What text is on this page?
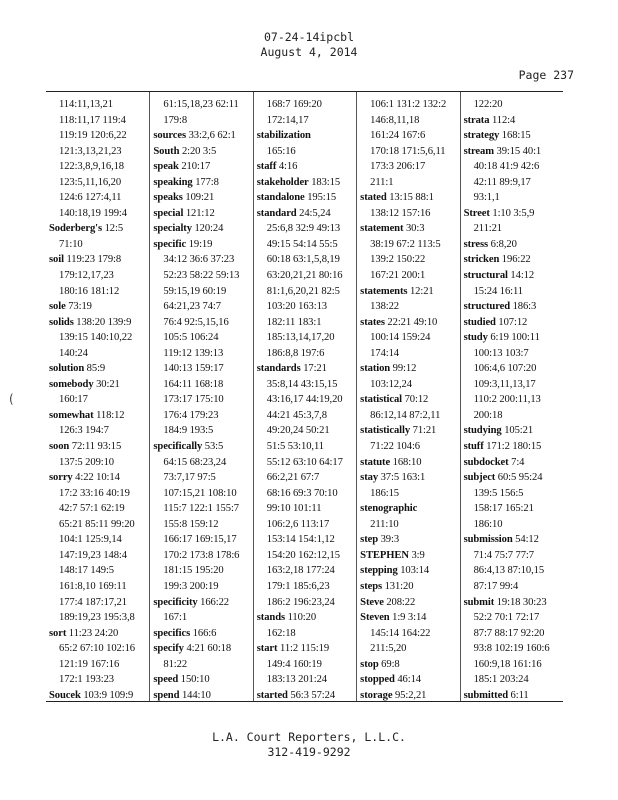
07-24-14ipcbl
August 4, 2014
Page 237
(
114:11,13,21
118:11,17 119:4
119:19 120:6,22
121:3,13,21,23
122:3,8,9,16,18
123:5,11,16,20
124:6 127:4,11
140:18,19 199:4
Soderberg's 12:5
71:10
soil 119:23 179:8
179:12,17,23
180:16 181:12
sole 73:19
solids 138:20 139:9
139:15 140:10,22
140:24
solution 85:9
somebody 30:21
160:17
somewhat 118:12
126:3 194:7
soon 72:11 93:15
137:5 209:10
sorry 4:22 10:14
17:2 33:16 40:19
42:7 57:1 62:19
65:21 85:11 99:20
104:1 125:9,14
147:19,23 148:4
148:17 149:5
161:8,10 169:11
177:4 187:17,21
189:19,23 195:3,8
sort 11:23 24:20
65:2 67:10 102:16
121:19 167:16
172:1 193:23
Soucek 103:9 109:9
61:15,18,23 62:11
179:8
sources 33:2,6 62:1
South 2:20 3:5
speak 210:17
speaking 177:8
speaks 109:21
special 121:12
specialty 120:24
specific 19:19
34:12 36:6 37:23
52:23 58:22 59:13
59:15,19 60:19
64:21,23 74:7
76:4 92:5,15,16
105:5 106:24
119:12 139:13
140:13 159:17
164:11 168:18
173:17 175:10
176:4 179:23
184:9 193:5
specifically 53:5
64:15 68:23,24
73:7,17 97:5
107:15,21 108:10
115:7 122:1 155:7
155:8 159:12
166:17 169:15,17
170:2 173:8 178:6
181:15 195:20
199:3 200:19
specificity 166:22
167:1
specifics 166:6
specify 4:21 60:18
81:22
speed 150:10
spend 144:10
168:7 169:20
172:14,17
stabilization
165:16
staff 4:16
stakeholder 183:15
standalone 195:15
standard 24:5,24
25:6,8 32:9 49:13
49:15 54:14 55:5
60:18 63:1,5,8,19
63:20,21,21 80:16
81:1,6,20,21 82:5
103:20 163:13
182:11 183:1
185:13,14,17,20
186:8,8 197:6
standards 17:21
35:8,14 43:15,15
43:16,17 44:19,20
44:21 45:3,7,8
49:20,24 50:21
51:5 53:10,11
55:12 63:10 64:17
66:2,21 67:7
68:16 69:3 70:10
99:10 101:11
106:2,6 113:17
153:14 154:1,12
154:20 162:12,15
163:2,18 177:24
179:1 185:6,23
186:2 196:23,24
stands 110:20
162:18
start 11:2 115:19
149:4 160:19
183:13 201:24
started 56:3 57:24
106:1 131:2 132:2
146:8,11,18
161:24 167:6
170:18 171:5,6,11
173:3 206:17
211:1
stated 13:15 88:1
138:12 157:16
statement 30:3
38:19 67:2 113:5
139:2 150:22
167:21 200:1
statements 12:21
138:22
states 22:21 49:10
100:14 159:24
174:14
station 99:12
103:12,24
statistical 70:12
86:12,14 87:2,11
statistically 71:21
71:22 104:6
statute 168:10
stay 37:5 163:1
186:15
stenographic
211:10
step 39:3
STEPHEN 3:9
stepping 103:14
steps 131:20
Steve 208:22
Steven 1:9 3:14
145:14 164:22
211:5,20
stop 69:8
stopped 46:14
storage 95:2,21
122:20
strata 112:4
strategy 168:15
stream 39:15 40:1
40:18 41:9 42:6
42:11 89:9,17
93:1,1
Street 1:10 3:5,9
211:21
stress 6:8,20
stricken 196:22
structural 14:12
15:24 16:11
structured 186:3
studied 107:12
study 6:19 100:11
100:13 103:7
106:4,6 107:20
109:3,11,13,17
110:2 200:11,13
200:18
studying 105:21
stuff 171:2 180:15
subdocket 7:4
subject 60:5 95:24
139:5 156:5
158:17 165:21
186:10
submission 54:12
71:4 75:7 77:7
86:4,13 87:10,15
87:17 99:4
submit 19:18 30:23
52:2 70:1 72:17
87:7 88:17 92:20
93:8 102:19 160:6
160:9,18 161:16
185:1 203:24
submitted 6:11
L.A. Court Reporters, L.L.C.
312-419-9292
